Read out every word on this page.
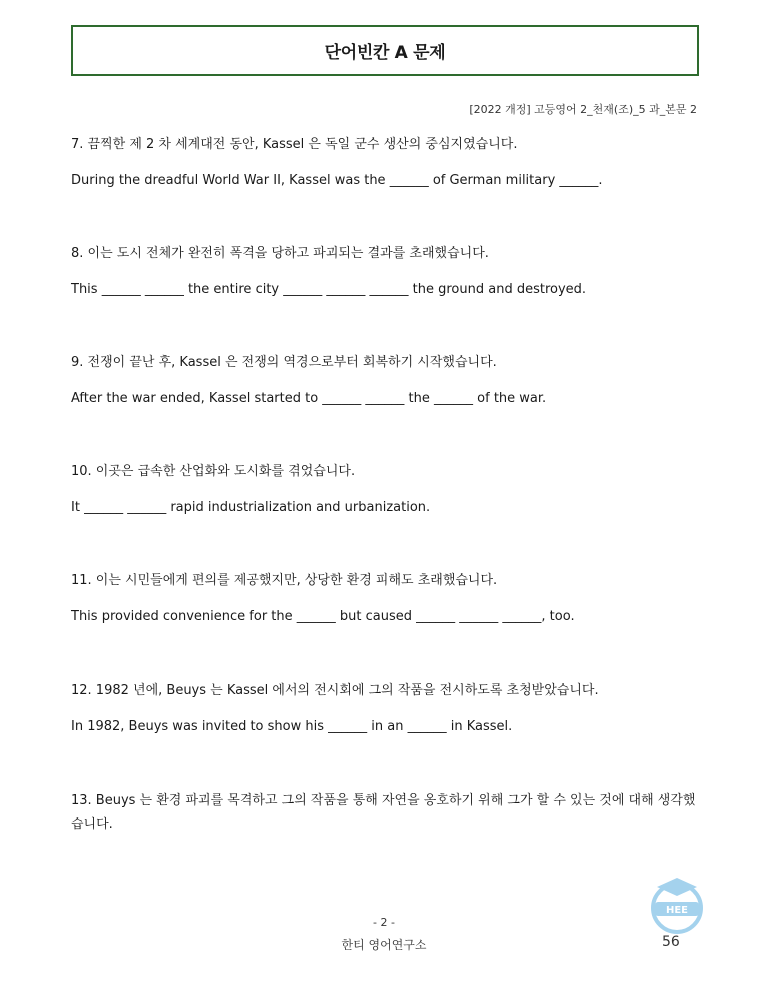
단어빈칸 A 문제
[2022 개정] 고등영어 2_천재(조)_5 과_본문 2

7. 끔찍한 제 2 차 세계대전 동안, Kassel 은 독일 군수 생산의 중심지였습니다.

During the dreadful World War II, Kassel was the ______ of German military ______.

8. 이는 도시 전체가 완전히 폭격을 당하고 파괴되는 결과를 초래했습니다.

This ______ ______ the entire city ______ ______ ______ the ground and destroyed.

9. 전쟁이 끝난 후, Kassel 은 전쟁의 역경으로부터 회복하기 시작했습니다.

After the war ended, Kassel started to ______ ______ the ______ of the war.

10. 이곳은 급속한 산업화와 도시화를 겪었습니다.

It ______ ______ rapid industrialization and urbanization.

11. 이는 시민들에게 편의를 제공했지만, 상당한 환경 피해도 초래했습니다.

This provided convenience for the ______ but caused ______ ______ ______, too.

12. 1982 년에, Beuys 는 Kassel 에서의 전시회에 그의 작품을 전시하도록 초청받았습니다.

In 1982, Beuys was invited to show his ______ in an ______ in Kassel.

13. Beuys 는 환경 파괴를 목격하고 그의 작품을 통해 자연을 옹호하기 위해 그가 할 수 있는 것에 대해 생각했습니다.

HEE
- 2 -
한티 영어연구소	56
